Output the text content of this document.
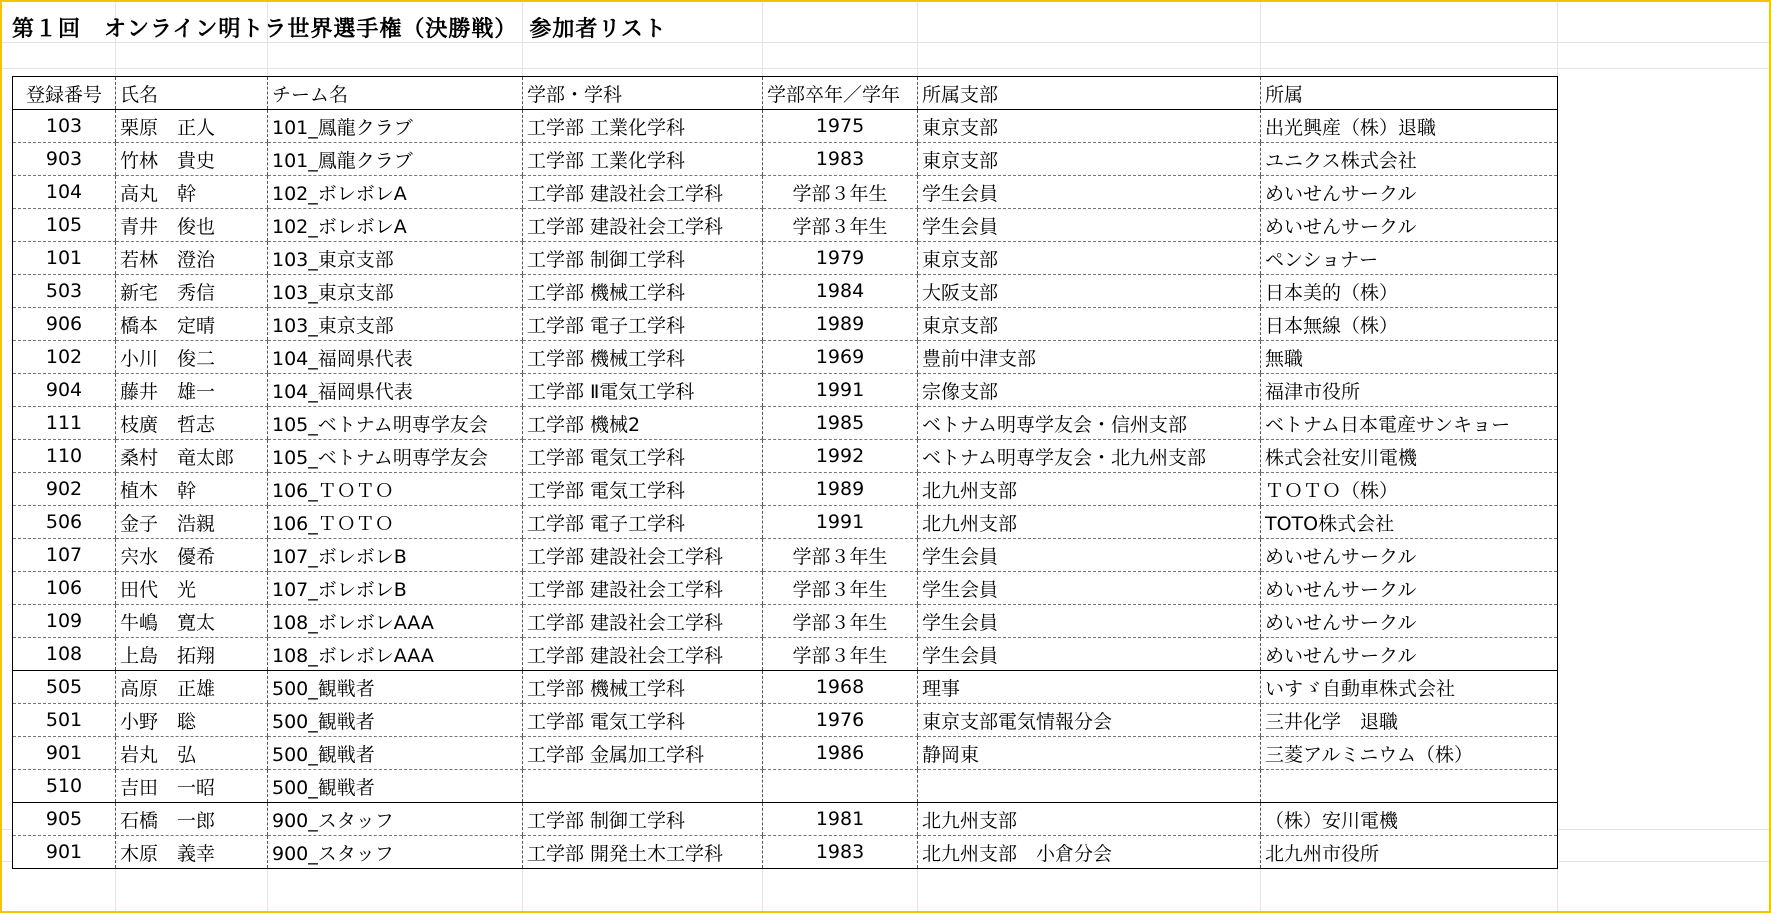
第１回　オンライン明トラ世界選手権（決勝戦）　参加者リスト
登録番号	氏名	チーム名	学部・学科	学部卒年／学年	所属支部	所属
103	栗原　正人	101_鳳龍クラブ	工学部 工業化学科	1975	東京支部	出光興産（株）退職
903	竹林　貴史	101_鳳龍クラブ	工学部 工業化学科	1983	東京支部	ユニクス株式会社
104	高丸　幹	102_ボレボレA	工学部 建設社会工学科	学部３年生	学生会員	めいせんサークル
105	青井　俊也	102_ボレボレA	工学部 建設社会工学科	学部３年生	学生会員	めいせんサークル
101	若林　澄治	103_東京支部	工学部 制御工学科	1979	東京支部	ペンショナー
503	新宅　秀信	103_東京支部	工学部 機械工学科	1984	大阪支部	日本美的（株）
906	橋本　定晴	103_東京支部	工学部 電子工学科	1989	東京支部	日本無線（株）
102	小川　俊二	104_福岡県代表	工学部 機械工学科	1969	豊前中津支部	無職
904	藤井　雄一	104_福岡県代表	工学部 Ⅱ電気工学科	1991	宗像支部	福津市役所
111	枝廣　哲志	105_ベトナム明専学友会	工学部 機械2	1985	ベトナム明専学友会・信州支部	ベトナム日本電産サンキョー
110	桑村　竜太郎	105_ベトナム明専学友会	工学部 電気工学科	1992	ベトナム明専学友会・北九州支部	株式会社安川電機
902	植木　幹	106_ＴＯＴＯ	工学部 電気工学科	1989	北九州支部	ＴＯＴＯ（株）
506	金子　浩親	106_ＴＯＴＯ	工学部 電子工学科	1991	北九州支部	TOTO株式会社
107	宍水　優希	107_ボレボレB	工学部 建設社会工学科	学部３年生	学生会員	めいせんサークル
106	田代　光	107_ボレボレB	工学部 建設社会工学科	学部３年生	学生会員	めいせんサークル
109	牛嶋　寛太	108_ボレボレAAA	工学部 建設社会工学科	学部３年生	学生会員	めいせんサークル
108	上島　拓翔	108_ボレボレAAA	工学部 建設社会工学科	学部３年生	学生会員	めいせんサークル
505	高原　正雄	500_観戦者	工学部 機械工学科	1968	理事	いすゞ自動車株式会社
501	小野　聡	500_観戦者	工学部 電気工学科	1976	東京支部電気情報分会	三井化学　退職
901	岩丸　弘	500_観戦者	工学部 金属加工学科	1986	静岡東	三菱アルミニウム（株）
510	吉田　一昭	500_観戦者				
905	石橋　一郎	900_スタッフ	工学部 制御工学科	1981	北九州支部	（株）安川電機
901	木原　義幸	900_スタッフ	工学部 開発土木工学科	1983	北九州支部　小倉分会	北九州市役所
